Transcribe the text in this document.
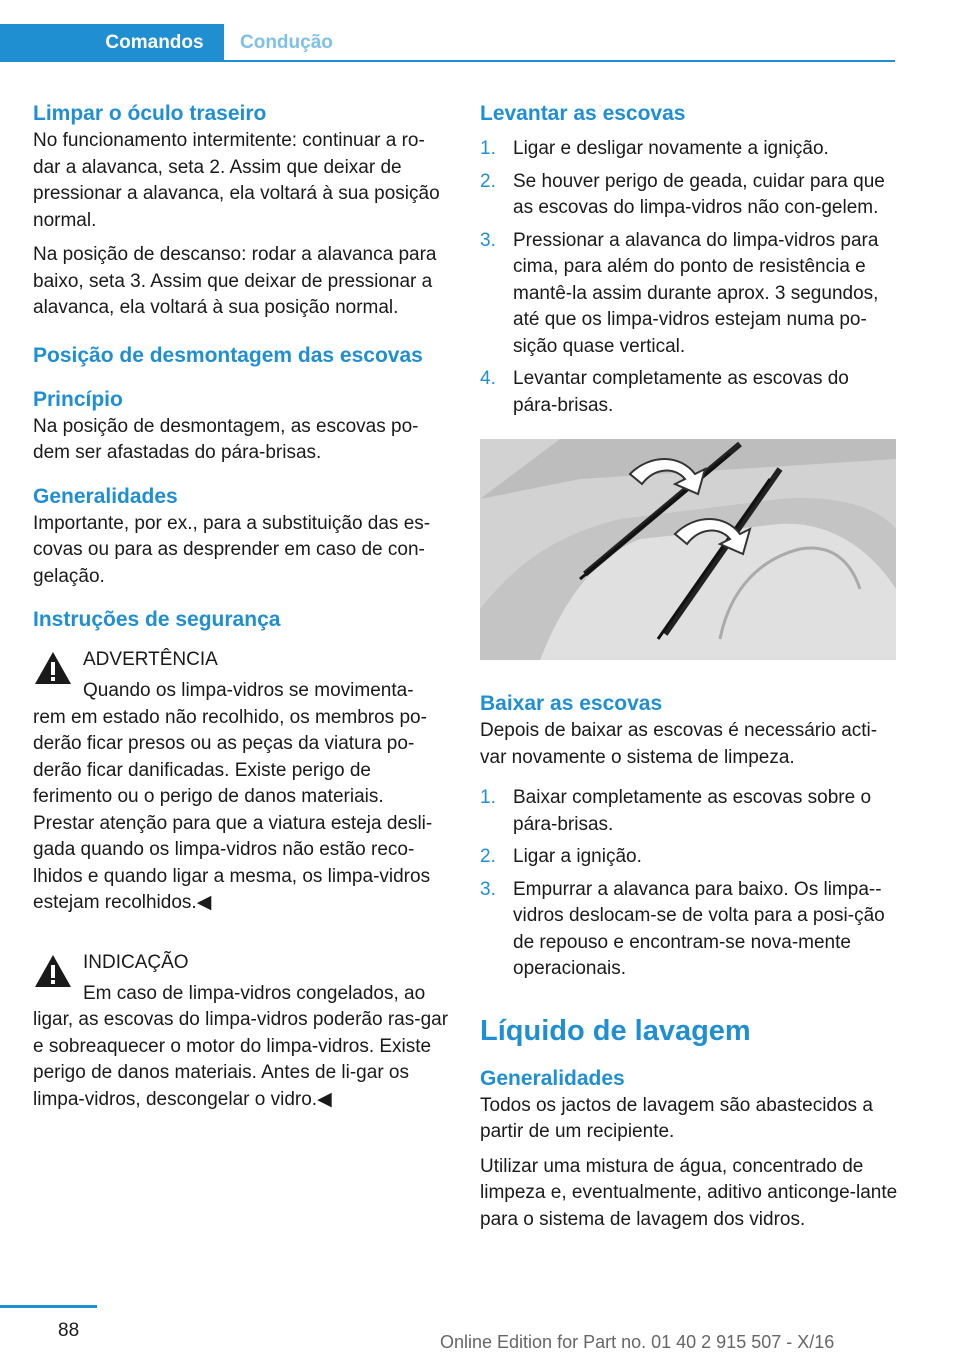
Comandos Condução
Limpar o óculo traseiro

No funcionamento intermitente: continuar a ro-dar a alavanca, seta 2. Assim que deixar de pressionar a alavanca, ela voltará à sua posição normal.

Na posição de descanso: rodar a alavanca para baixo, seta 3. Assim que deixar de pressionar a alavanca, ela voltará à sua posição normal.

Posição de desmontagem das escovas
Princípio

Na posição de desmontagem, as escovas po-dem ser afastadas do pára-brisas.

Generalidades

Importante, por ex., para a substituição das es-covas ou para as desprender em caso de con-gelação.

Instruções de segurança
ADVERTÊNCIA
Quando os limpa-vidros se movimenta-
rem em estado não recolhido, os membros po-derão ficar presos ou as peças da viatura po-derão ficar danificadas. Existe perigo de ferimento ou o perigo de danos materiais. Prestar atenção para que a viatura esteja desli-gada quando os limpa-vidros não estão reco-lhidos e quando ligar a mesma, os limpa-vidros estejam recolhidos.◀
INDICAÇÃO
Em caso de limpa-vidros congelados, ao
ligar, as escovas do limpa-vidros poderão ras-gar e sobreaquecer o motor do limpa-vidros. Existe perigo de danos materiais. Antes de li-gar os limpa-vidros, descongelar o vidro.◀
Levantar as escovas
1. Ligar e desligar novamente a ignição.
2. Se houver perigo de geada, cuidar para que as escovas do limpa-vidros não con-gelem.
3. Pressionar a alavanca do limpa-vidros para cima, para além do ponto de resistência e mantê-la assim durante aprox. 3 segundos, até que os limpa-vidros estejam numa po-sição quase vertical.
4. Levantar completamente as escovas do pára-brisas.
Baixar as escovas

Depois de baixar as escovas é necessário acti-var novamente o sistema de limpeza.

1. Baixar completamente as escovas sobre o pára-brisas.
2. Ligar a ignição.
3. Empurrar a alavanca para baixo. Os limpa--vidros deslocam-se de volta para a posi-ção de repouso e encontram-se nova-mente operacionais.
Líquido de lavagem
Generalidades

Todos os jactos de lavagem são abastecidos a partir de um recipiente.

Utilizar uma mistura de água, concentrado de limpeza e, eventualmente, aditivo anticonge-lante para o sistema de lavagem dos vidros.

88
Online Edition for Part no. 01 40 2 915 507 - X/16
